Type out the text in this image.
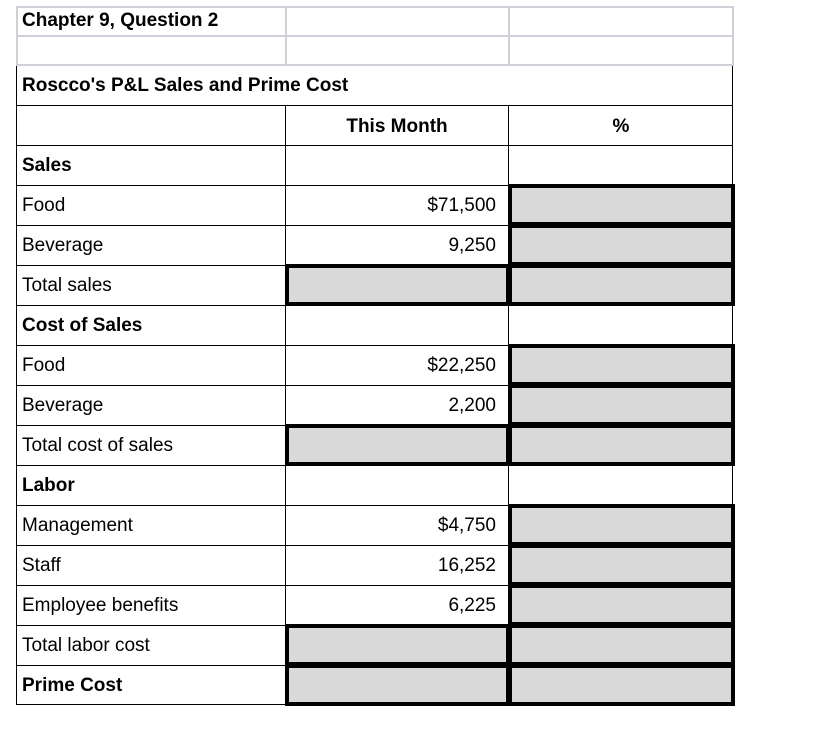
Chapter 9, Question 2
Roscco's P&L Sales and Prime Cost
This Month	%
Sales
Food
Beverage
Total sales
Cost of Sales
Food
Beverage
Total cost of sales
Labor
Management
Staff
Employee benefits
Total labor cost
Prime Cost
$71,500
9,250
$22,250
2,200
$4,750
16,252
6,225
